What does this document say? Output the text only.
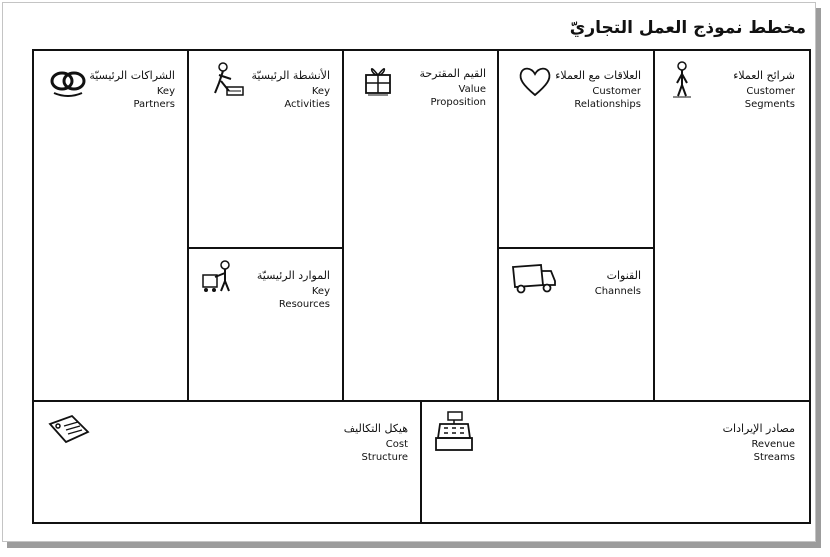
مخطط نموذج العمل التجاريّ
الشراكات الرئيسيّة
Key
Partners
الأنشطة الرئيسيّة
Key
Activities
الموارد الرئيسيّة
Key
Resources
القيم المقترحة
Value
Proposition
العلاقات مع العملاء
Customer
Relationships
القنوات
Channels
شرائح العملاء
Customer
Segments
هيكل التكاليف
Cost
Structure
مصادر الإيرادات
Revenue
Streams
